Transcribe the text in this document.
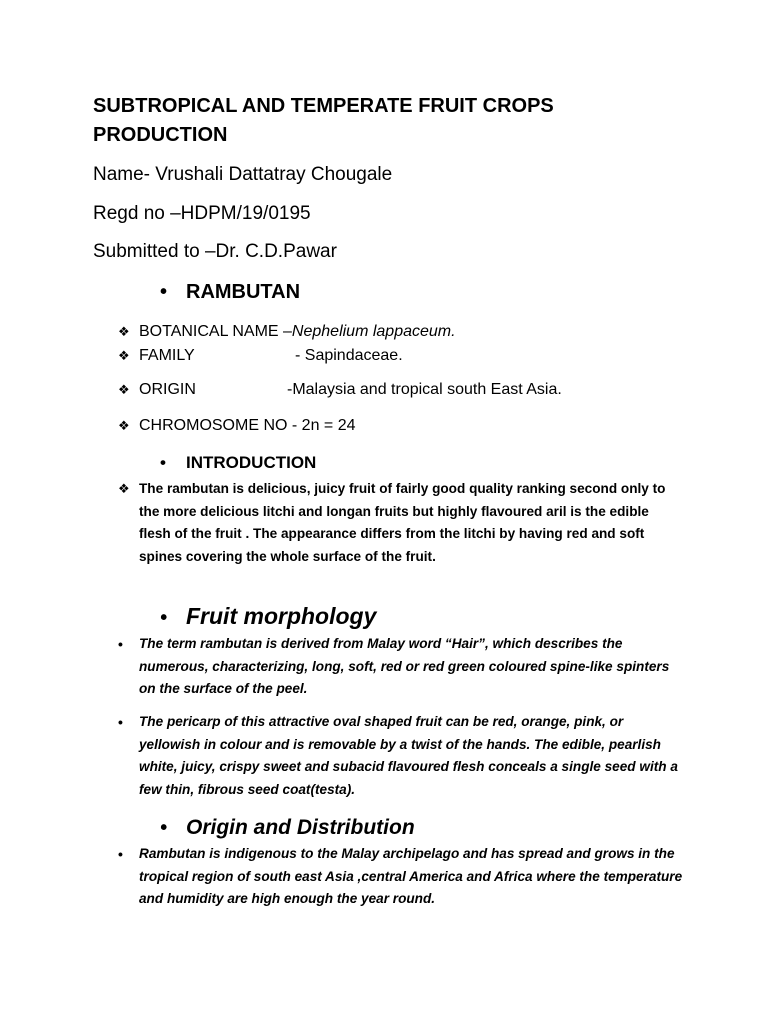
SUBTROPICAL AND TEMPERATE FRUIT CROPS PRODUCTION
Name- Vrushali Dattatray Chougale
Regd no –HDPM/19/0195
Submitted to –Dr. C.D.Pawar
• RAMBUTAN
❖ BOTANICAL NAME – Nephelium lappaceum.
❖ FAMILY	- Sapindaceae.
❖ ORIGIN	-Malaysia and tropical south East Asia.
❖ CHROMOSOME NO - 2n = 24
•	INTRODUCTION
❖ The rambutan is delicious, juicy fruit of fairly good quality ranking second only to the more delicious litchi and longan fruits but highly flavoured aril is the edible flesh of the fruit . The appearance differs from the litchi by having red and soft spines covering the whole surface of the fruit.
• Fruit morphology
•	The term rambutan is derived from Malay word “Hair”, which describes the numerous, characterizing, long, soft, red or red green coloured spine-like spinters on the surface of the peel.
•	The pericarp of this attractive oval shaped fruit can be red, orange, pink, or yellowish in colour and is removable by a twist of the hands. The edible, pearlish white, juicy, crispy sweet and subacid flavoured flesh conceals a single seed with a few thin, fibrous seed coat(testa).
• Origin and Distribution
•	Rambutan is indigenous to the Malay archipelago and has spread and grows in the tropical region of south east Asia ,central America and Africa where the temperature and humidity are high enough the year round.
